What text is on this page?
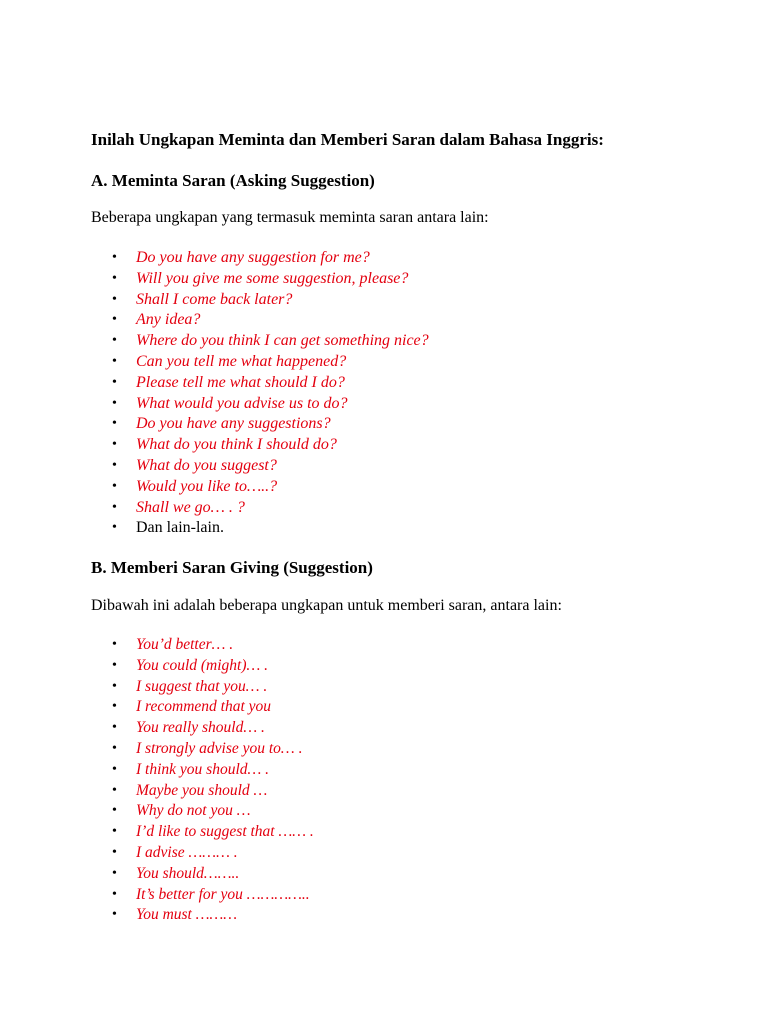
Inilah Ungkapan Meminta dan Memberi Saran dalam Bahasa Inggris:

A. Meminta Saran (Asking Suggestion)

Beberapa ungkapan yang termasuk meminta saran antara lain:

•	Do you have any suggestion for me?
•	Will you give me some suggestion, please?
•	Shall I come back later?
•	Any idea?
•	Where do you think I can get something nice?
•	Can you tell me what happened?
•	Please tell me what should I do?
•	What would you advise us to do?
•	Do you have any suggestions?
•	What do you think I should do?
•	What do you suggest?
•	Would you like to…..?
•	Shall we go… . ?
•	Dan lain-lain.

B. Memberi Saran Giving (Suggestion)

Dibawah ini adalah beberapa ungkapan untuk memberi saran, antara lain:

•	You’d better… .
•	You could (might)… .
•	I suggest that you… .
•	I recommend that you
•	You really should… .
•	I strongly advise you to… .
•	I think you should… .
•	Maybe you should …
•	Why do not you …
•	I’d like to suggest that …… .
•	I advise ……… .
•	You should……..
•	It’s better for you …………..
•	You must ………
